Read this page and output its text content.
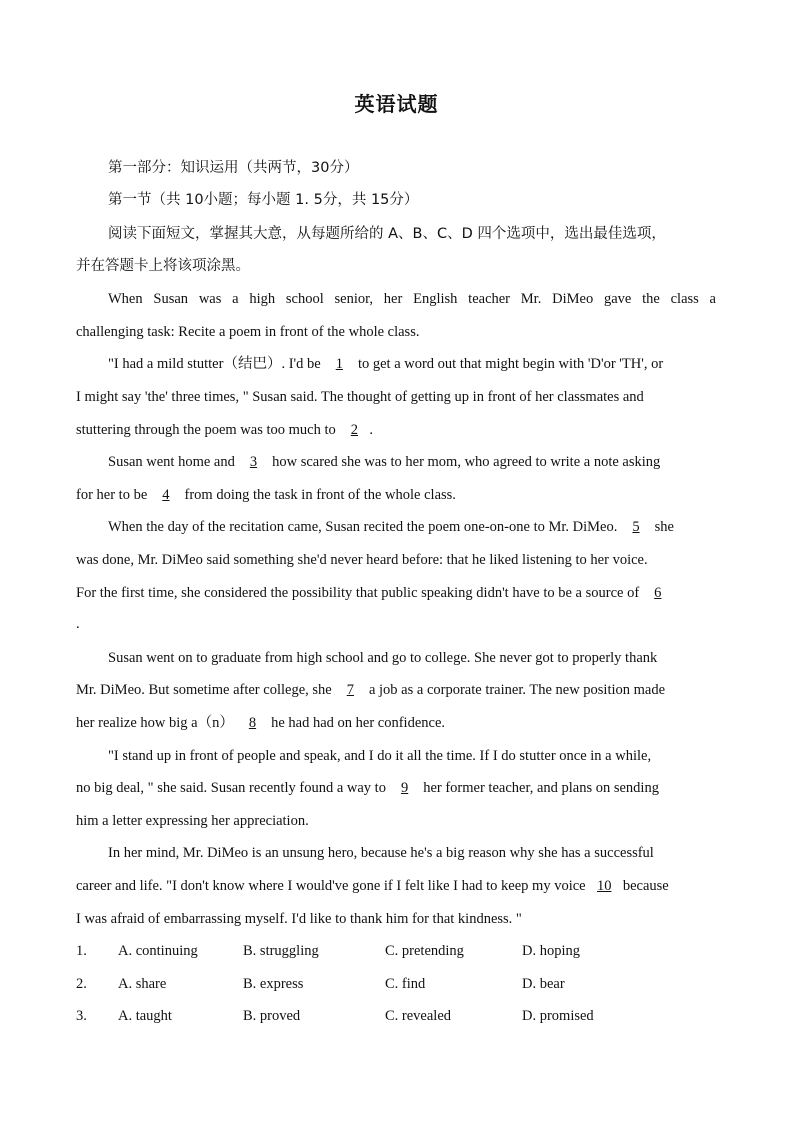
英语试题
第一部分：知识运用（共两节，30分）
第一节（共 10小题；每小题 1. 5分，共 15分）
阅读下面短文，掌握其大意，从每题所给的 A、B、C、D 四个选项中，选出最佳选项，
并在答题卡上将该项涂黑。
When Susan was a high school senior, her English teacher Mr. DiMeo gave the class a
challenging task: Recite a poem in front of the whole class.
"I had a mild stutter（结巴）. I'd be 1 to get a word out that might begin with 'D'or 'TH', or
I might say 'the' three times, " Susan said. The thought of getting up in front of her classmates and
stuttering through the poem was too much to 2 .
Susan went home and 3 how scared she was to her mom, who agreed to write a note asking
for her to be 4 from doing the task in front of the whole class.
When the day of the recitation came, Susan recited the poem one-on-one to Mr. DiMeo. 5 she
was done, Mr. DiMeo said something she'd never heard before: that he liked listening to her voice.
For the first time, she considered the possibility that public speaking didn't have to be a source of 6
.
Susan went on to graduate from high school and go to college. She never got to properly thank
Mr. DiMeo. But sometime after college, she 7 a job as a corporate trainer. The new position made
her realize how big a（n） 8 he had had on her confidence.
"I stand up in front of people and speak, and I do it all the time. If I do stutter once in a while,
no big deal, " she said. Susan recently found a way to 9 her former teacher, and plans on sending
him a letter expressing her appreciation.
In her mind, Mr. DiMeo is an unsung hero, because he's a big reason why she has a successful
career and life. "I don't know where I would've gone if I felt like I had to keep my voice 10 because
I was afraid of embarrassing myself. I'd like to thank him for that kindness. "
1. A. continuing	B. struggling	C. pretending	D. hoping
2. A. share	B. express	C. find	D. bear
3. A. taught	B. proved	C. revealed	D. promised
